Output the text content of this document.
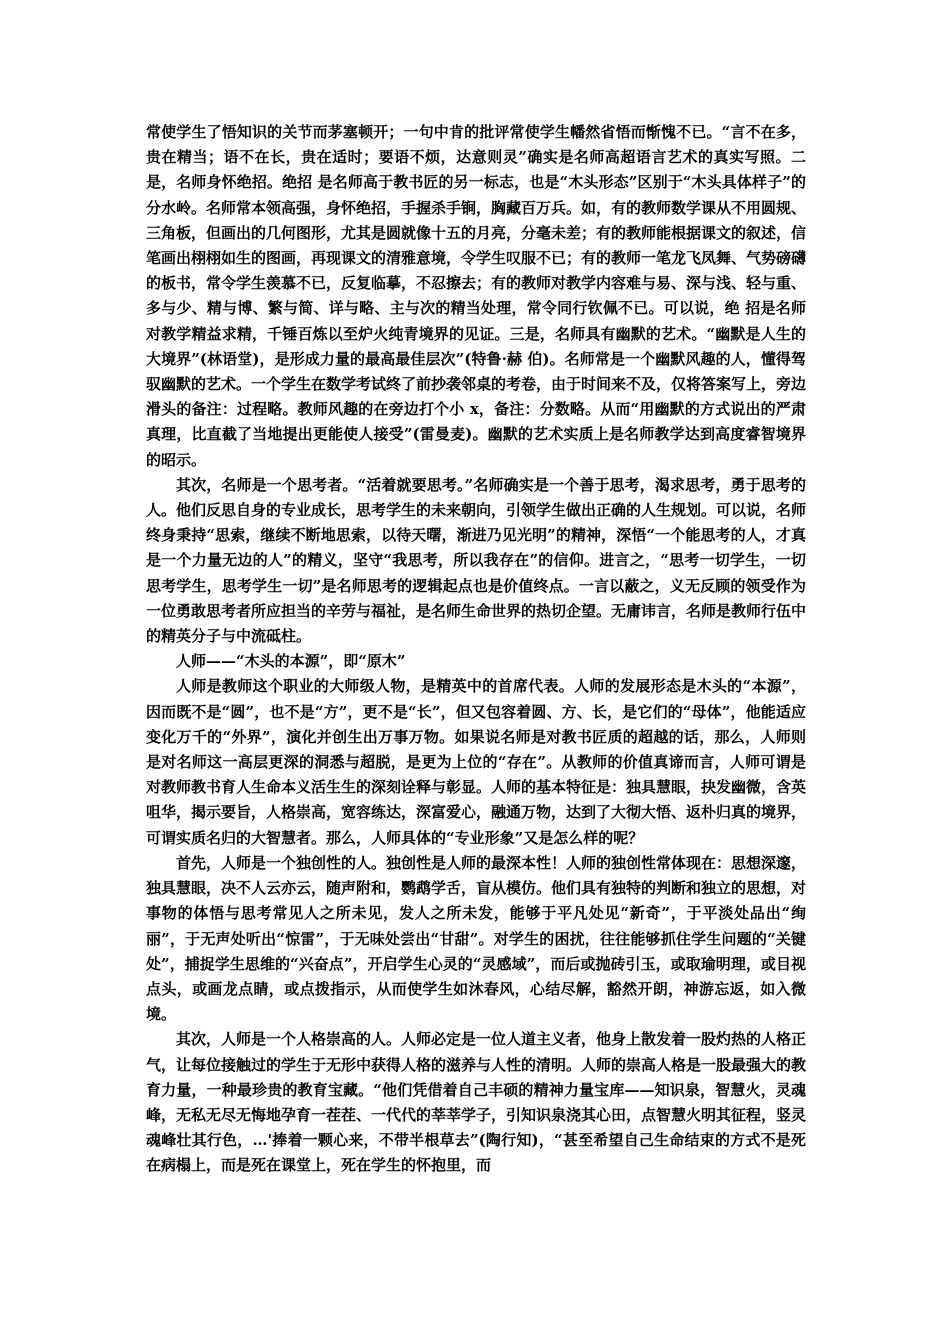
常使学生了悟知识的关节而茅塞顿开；一句中肯的批评常使学生幡然省悟而惭愧不已。“言不在多，贵在精当；语不在长，贵在适时；要语不烦，达意则灵”确实是名师高超语言艺术的真实写照。二是，名师身怀绝招。绝招 是名师高于教书匠的另一标志，也是“木头形态”区别于“木头具体样子”的分水岭。名师常本领高强，身怀绝招，手握杀手锏，胸藏百万兵。如，有的教师数学课从不用圆规、三角板，但画出的几何图形，尤其是圆就像十五的月亮，分毫未差；有的教师能根据课文的叙述，信笔画出栩栩如生的图画，再现课文的清雅意境，令学生叹服不已；有的教师一笔龙飞凤舞、气势磅礴的板书，常令学生羡慕不已，反复临摹，不忍擦去；有的教师对教学内容难与易、深与浅、轻与重、多与少、精与博、繁与简、详与略、主与次的精当处理，常令同行钦佩不已。可以说，绝 招是名师对教学精益求精，千锤百炼以至炉火纯青境界的见证。三是，名师具有幽默的艺术。“幽默是人生的大境界”(林语堂)，是形成力量的最高最佳层次”(特鲁·赫 伯)。名师常是一个幽默风趣的人，懂得驾驭幽默的艺术。一个学生在数学考试终了前抄袭邻桌的考卷，由于时间来不及，仅将答案写上，旁边滑头的备注：过程略。教师风趣的在旁边打个小 x，备注：分数略。从而“用幽默的方式说出的严肃真理，比直截了当地提出更能使人接受”(雷曼麦)。幽默的艺术实质上是名师教学达到高度睿智境界的昭示。

其次，名师是一个思考者。“活着就要思考。”名师确实是一个善于思考，渴求思考，勇于思考的人。他们反思自身的专业成长，思考学生的未来朝向，引领学生做出正确的人生规划。可以说，名师终身秉持“思索，继续不断地思索，以待天曙，渐进乃见光明”的精神，深悟“一个能思考的人，才真是一个力量无边的人”的精义，坚守“我思考，所以我存在”的信仰。进言之，“思考一切学生，一切思考学生，思考学生一切”是名师思考的逻辑起点也是价值终点。一言以蔽之，义无反顾的领受作为一位勇敢思考者所应担当的辛劳与福祉，是名师生命世界的热切企望。无庸讳言，名师是教师行伍中的精英分子与中流砥柱。

人师——“木头的本源”，即“原木”

人师是教师这个职业的大师级人物，是精英中的首席代表。人师的发展形态是木头的“本源”，因而既不是“圆”，也不是“方”，更不是“长”，但又包容着圆、方、长，是它们的“母体”，他能适应变化万千的“外界”，演化并创生出万事万物。如果说名师是对教书匠质的超越的话，那么，人师则是对名师这一高层更深的洞悉与超脱，是更为上位的“存在”。从教师的价值真谛而言，人师可谓是对教师教书育人生命本义活生生的深刻诠释与彰显。人师的基本特征是：独具慧眼，抉发幽微，含英咀华，揭示要旨，人格崇高，宽容练达，深富爱心，融通万物，达到了大彻大悟、返朴归真的境界，可谓实质名归的大智慧者。那么，人师具体的“专业形象”又是怎么样的呢？

首先，人师是一个独创性的人。独创性是人师的最深本性！人师的独创性常体现在：思想深邃，独具慧眼，决不人云亦云，随声附和，鹦鹉学舌，盲从模仿。他们具有独特的判断和独立的思想，对事物的体悟与思考常见人之所未见，发人之所未发，能够于平凡处见“新奇”，于平淡处品出“绚丽”，于无声处听出“惊雷”，于无味处尝出“甘甜”。对学生的困扰，往往能够抓住学生问题的“关键处”，捕捉学生思维的“兴奋点”，开启学生心灵的“灵感域”，而后或抛砖引玉，或取瑜明理，或目视点头，或画龙点睛，或点拨指示，从而使学生如沐春风，心结尽解，豁然开朗，神游忘返，如入微境。

其次，人师是一个人格崇高的人。人师必定是一位人道主义者，他身上散发着一股灼热的人格正气，让每位接触过的学生于无形中获得人格的滋养与人性的清明。人师的崇高人格是一股最强大的教育力量，一种最珍贵的教育宝藏。“他们凭借着自己丰硕的精神力量宝库——知识泉，智慧火，灵魂峰，无私无尽无悔地孕育一茬茬、一代代的莘莘学子，引知识泉浇其心田，点智慧火明其征程，竖灵魂峰壮其行色，…'捧着一颗心来，不带半根草去”(陶行知)，“甚至希望自己生命结束的方式不是死在病榻上，而是死在课堂上，死在学生的怀抱里，而
